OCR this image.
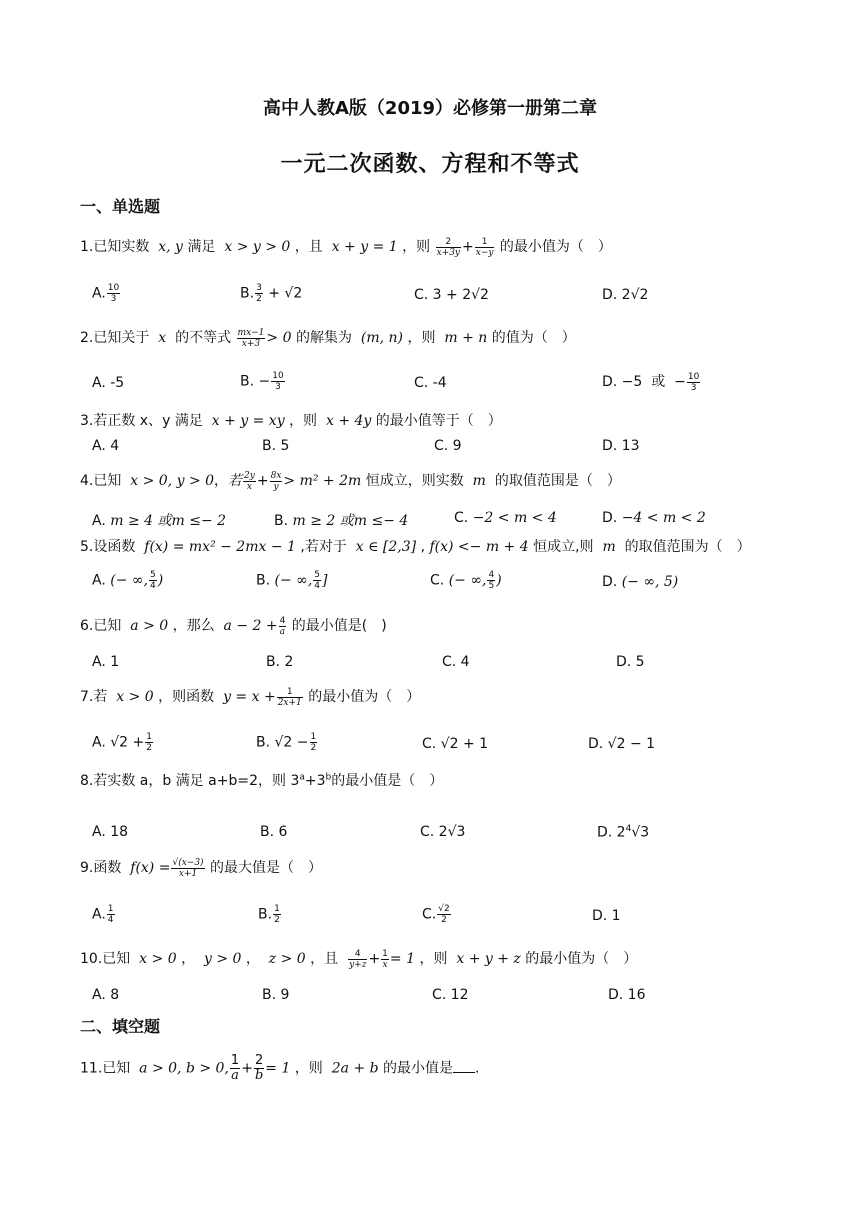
高中人教A版（2019）必修第一册第二章
一元二次函数、方程和不等式
一、单选题
1.已知实数 x, y 满足 x > y > 0 ，且 x + y = 1 ，则 $\frac{2}{x+3y} + \frac{1}{x-y}$ 的最小值为（　）
A. $\frac{10}{3}$	B. $\frac{3}{2} + √2$	C. 3 + 2√2	D. 2√2
2.已知关于 x 的不等式 $\frac{mx-1}{x+3} > 0$ 的解集为 (m, n) ，则 m + n 的值为（　）
A. -5	B. − $\frac{10}{3}$	C. -4	D. −5  或  − $\frac{10}{3}$
3.若正数 x、y 满足 x + y = xy ，则 x + 4y 的最小值等于（　）
A. 4	B. 5	C. 9	D. 13
4.已知 x > 0, y > 0，若 $\frac{2y}{x} + \frac{8x}{y} > m^2 + 2m$ 恒成立，则实数 m 的取值范围是（　）
A. m ≥ 4 或m ≤− 2	B. m ≥ 2 或m ≤− 4	C. −2 < m < 4	D. −4 < m < 2
5.设函数 f(x) = mx² − 2mx − 1 ,若对于 x ∈ [2,3] , f(x) <− m + 4 恒成立,则 m 的取值范围为（　）
A. (− ∞, $\frac{5}{4}$ )	B. (− ∞, $\frac{5}{4}$ ]	C. (− ∞, $\frac{4}{5}$ )	D. (− ∞, 5)
6.已知 a > 0 ，那么 $a - 2 + \frac{4}{a}$ 的最小值是(　)
A. 1	B. 2	C. 4	D. 5
7.若 x > 0 ，则函数 $y = x + \frac{1}{2x+1}$ 的最小值为（　）
A. $√2 + \frac{1}{2}$	B. $√2 - \frac{1}{2}$	C. √2 + 1	D. √2 − 1
8.若实数 a，b 满足 a+b=2，则 $3^a+3^b$的最小值是（　）
A. 18	B. 6	C. 2√3	D. $2^4√3$
9.函数 $f(x) = \frac{√(x-3)}{x+1}$ 的最大值是（　）
A. $\frac{1}{4}$	B. $\frac{1}{2}$	C. $\frac{√2}{2}$	D. 1
10.已知 x > 0 ， y > 0 ， z > 0 ，且 $\frac{4}{y+z} + \frac{1}{x} = 1$ ，则 x + y + z 的最小值为（　）
A. 8	B. 9	C. 12	D. 16
二、填空题
11.已知 a > 0, b > 0, $\frac{1}{a} + \frac{2}{b} = 1$ ，则 2a + b 的最小值是 .
